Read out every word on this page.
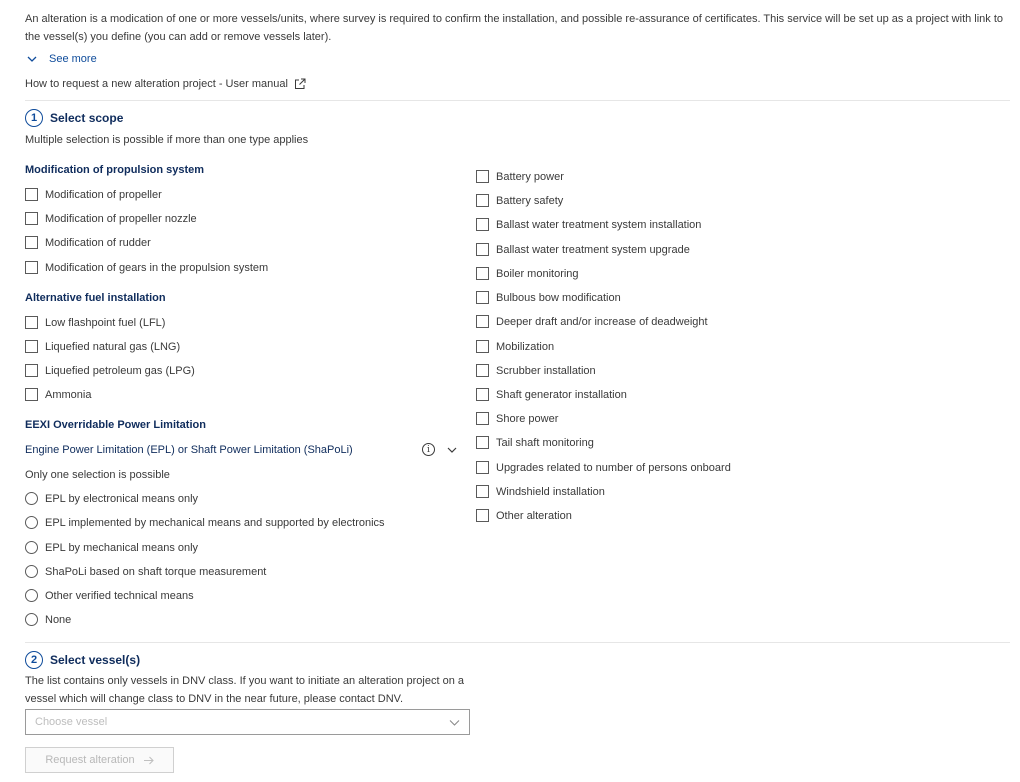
An alteration is a modication of one or more vessels/units, where survey is required to confirm the installation, and possible re-assurance of certificates. This service will be set up as a project with link to the vessel(s) you define (you can add or remove vessels later).
See more
How to request a new alteration project - User manual
1	Select scope
Multiple selection is possible if more than one type applies
Modification of propulsion system
Modification of propeller
Modification of propeller nozzle
Modification of rudder
Modification of gears in the propulsion system
Alternative fuel installation
Low flashpoint fuel (LFL)
Liquefied natural gas (LNG)
Liquefied petroleum gas (LPG)
Ammonia
EEXI Overridable Power Limitation
Engine Power Limitation (EPL) or Shaft Power Limitation (ShaPoLi)	i
Only one selection is possible
EPL by electronical means only
EPL implemented by mechanical means and supported by electronics
EPL by mechanical means only
ShaPoLi based on shaft torque measurement
Other verified technical means
None
Battery power
Battery safety
Ballast water treatment system installation
Ballast water treatment system upgrade
Boiler monitoring
Bulbous bow modification
Deeper draft and/or increase of deadweight
Mobilization
Scrubber installation
Shaft generator installation
Shore power
Tail shaft monitoring
Upgrades related to number of persons onboard
Windshield installation
Other alteration
2	Select vessel(s)
The list contains only vessels in DNV class. If you want to initiate an alteration project on a
vessel which will change class to DNV in the near future, please contact DNV.
Choose vessel
Request alteration
